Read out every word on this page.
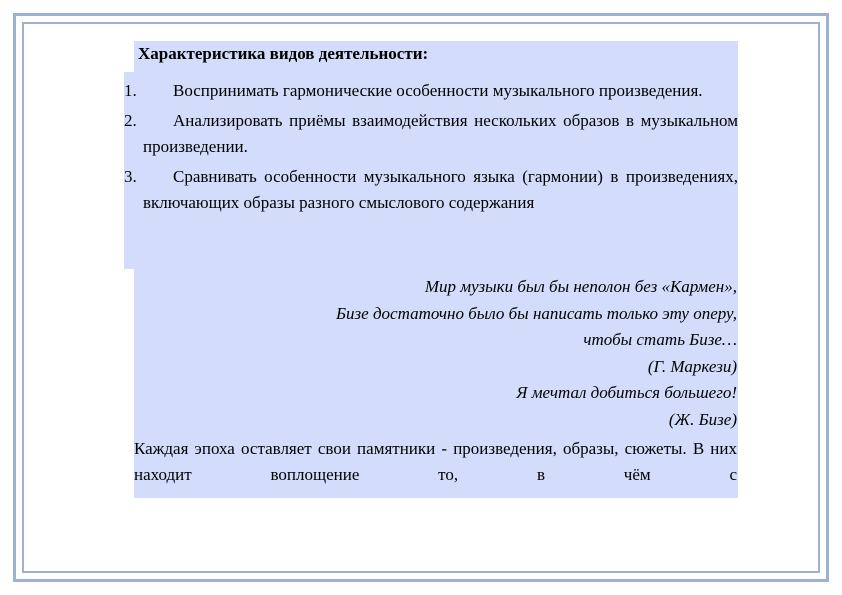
Характеристика видов деятельности:
1.	Воспринимать гармонические особенности музыкального произведения.
2.	Анализировать приёмы взаимодействия нескольких образов в музыкальном произведении.
3.	Сравнивать особенности музыкального языка (гармонии) в произведениях, включающих образы разного смыслового содержания
Мир музыки был бы неполон без «Кармен»,
Бизе достаточно было бы написать только эту оперу,
чтобы стать Бизе…
(Г. Маркези)
Я мечтал добиться большего!
(Ж. Бизе)
Каждая эпоха оставляет свои памятники - произведения, образы, сюжеты. В них находит воплощение то, в чём с
